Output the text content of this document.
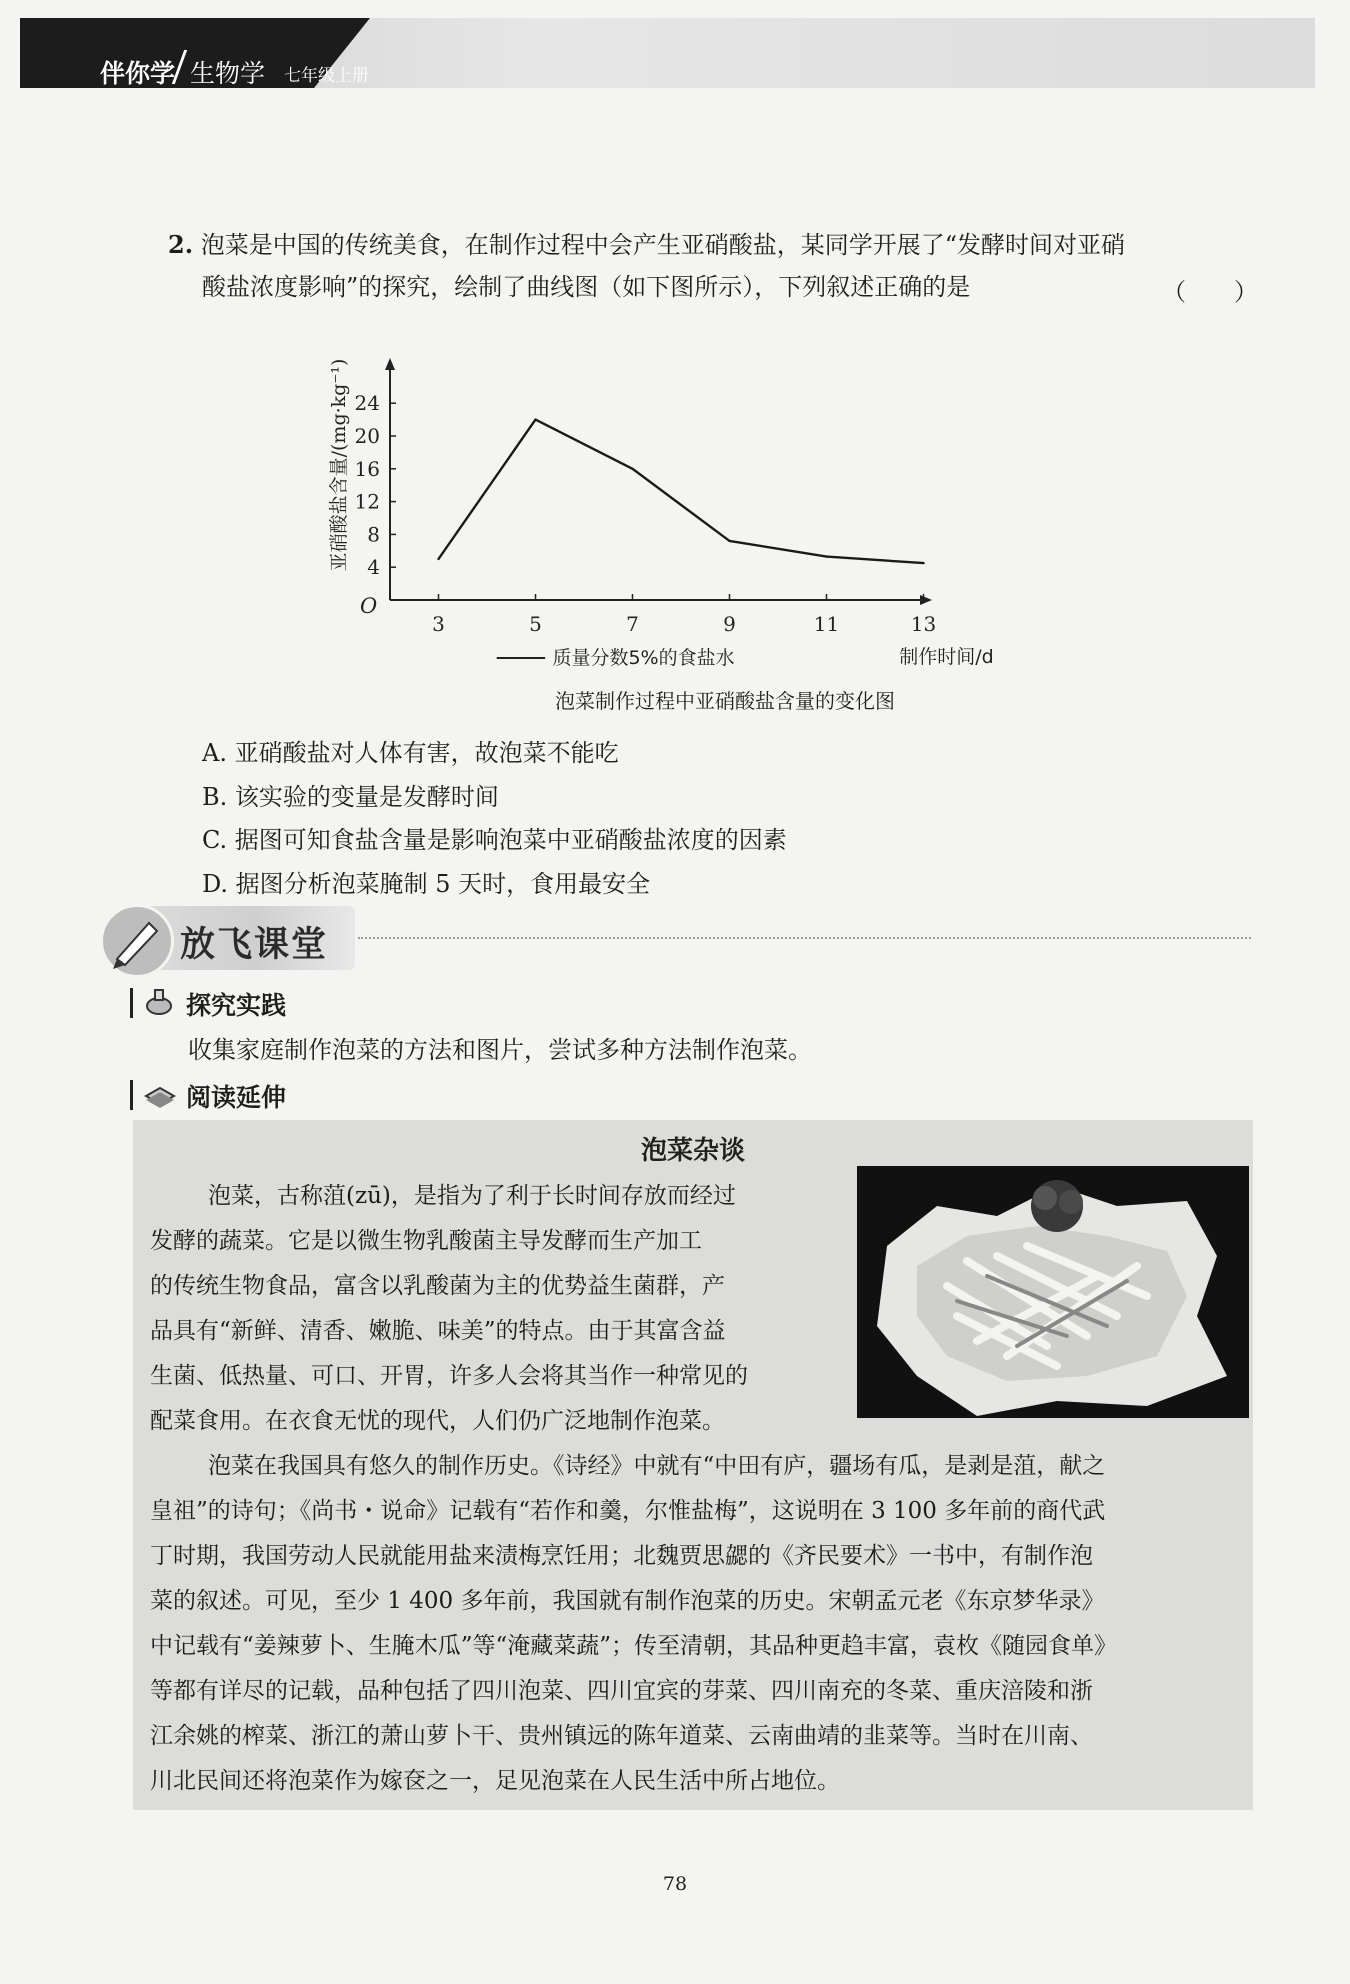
伴你学 生物学 七年级上册
2. 泡菜是中国的传统美食，在制作过程中会产生亚硝酸盐，某同学开展了“发酵时间对亚硝
酸盐浓度影响”的探究，绘制了曲线图（如下图所示），下列叙述正确的是	（　　）
3	5	7	9	11	13
4
8
12
16
20
24
亚硝酸盐含量/(mg·kg⁻¹)
O
制作时间/d
质量分数5%的食盐水
泡菜制作过程中亚硝酸盐含量的变化图
A. 亚硝酸盐对人体有害，故泡菜不能吃
B. 该实验的变量是发酵时间
C. 据图可知食盐含量是影响泡菜中亚硝酸盐浓度的因素
D. 据图分析泡菜腌制 5 天时，食用最安全
放飞课堂
探究实践
收集家庭制作泡菜的方法和图片，尝试多种方法制作泡菜。
阅读延伸
泡菜杂谈
泡菜，古称菹(zū)，是指为了利于长时间存放而经过
发酵的蔬菜。它是以微生物乳酸菌主导发酵而生产加工
的传统生物食品，富含以乳酸菌为主的优势益生菌群，产
品具有“新鲜、清香、嫩脆、味美”的特点。由于其富含益
生菌、低热量、可口、开胃，许多人会将其当作一种常见的
配菜食用。在衣食无忧的现代，人们仍广泛地制作泡菜。
泡菜在我国具有悠久的制作历史。《诗经》中就有“中田有庐，疆场有瓜，是剥是菹，献之
皇祖”的诗句；《尚书・说命》记载有“若作和羹，尔惟盐梅”，这说明在 3 100 多年前的商代武
丁时期，我国劳动人民就能用盐来渍梅烹饪用；北魏贾思勰的《齐民要术》一书中，有制作泡
菜的叙述。可见，至少 1 400 多年前，我国就有制作泡菜的历史。宋朝孟元老《东京梦华录》
中记载有“姜辣萝卜、生腌木瓜”等“淹藏菜蔬”；传至清朝，其品种更趋丰富，袁枚《随园食单》
等都有详尽的记载，品种包括了四川泡菜、四川宜宾的芽菜、四川南充的冬菜、重庆涪陵和浙
江余姚的榨菜、浙江的萧山萝卜干、贵州镇远的陈年道菜、云南曲靖的韭菜等。当时在川南、
川北民间还将泡菜作为嫁奁之一，足见泡菜在人民生活中所占地位。
78
